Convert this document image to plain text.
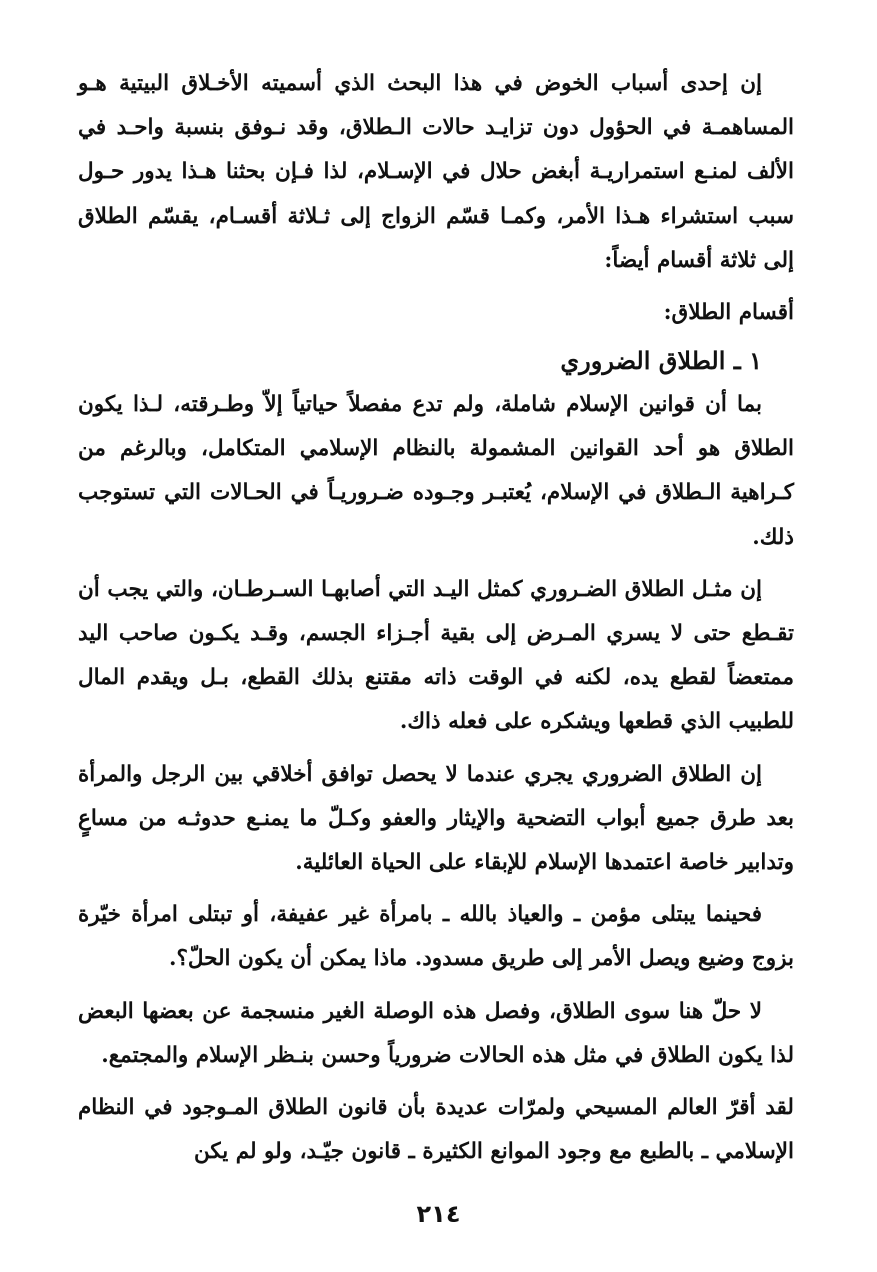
إن إحدى أسباب الخوض في هذا البحث الذي أسميته الأخـلاق البيتية هـو المساهمـة في الحؤول دون تزايـد حالات الـطلاق، وقد نـوفق بنسبة واحـد في الألف لمنـع استمراريـة أبغض حلال في الإسـلام، لذا فـإن بحثنا هـذا يدور حـول سبب استشراء هـذا الأمر، وكمـا قسّم الزواج إلى ثـلاثة أقسـام، يقسّم الطلاق إلى ثلاثة أقسام أيضاً:

أقسام الطلاق:
١ ـ الطلاق الضروري

بما أن قوانين الإسلام شاملة، ولم تدع مفصلاً حياتياً إلاّ وطـرقته، لـذا يكون الطلاق هو أحد القوانين المشمولة بالنظام الإسلامي المتكامل، وبالرغم من كـراهية الـطلاق في الإسلام، يُعتبـر وجـوده ضـروريـاً في الحـالات التي تستوجب ذلك.

إن مثـل الطلاق الضـروري كمثل اليـد التي أصابهـا السـرطـان، والتي يجب أن تقـطع حتى لا يسري المـرض إلى بقية أجـزاء الجسم، وقـد يكـون صاحب اليد ممتعضاً لقطع يده، لكنه في الوقت ذاته مقتنع بذلك القطع، بـل ويقدم المال للطبيب الذي قطعها ويشكره على فعله ذاك.

إن الطلاق الضروري يجري عندما لا يحصل توافق أخلاقي بين الرجل والمرأة بعد طرق جميع أبواب التضحية والإيثار والعفو وكـلّ ما يمنـع حدوثـه من مساعٍ وتدابير خاصة اعتمدها الإسلام للإبقاء على الحياة العائلية.

فحينما يبتلى مؤمن ـ والعياذ بالله ـ بامرأة غير عفيفة، أو تبتلى امرأة خيّرة بزوج وضيع ويصل الأمر إلى طريق مسدود. ماذا يمكن أن يكون الحلّ؟.

لا حلّ هنا سوى الطلاق، وفصل هذه الوصلة الغير منسجمة عن بعضها البعض لذا يكون الطلاق في مثل هذه الحالات ضرورياً وحسن بنـظر الإسلام والمجتمع.

لقد أقرّ العالم المسيحي ولمرّات عديدة بأن قانون الطلاق المـوجود في النظام الإسلامي ـ بالطبع مع وجود الموانع الكثيرة ـ قانون جيّـد، ولو لم يكن

٢١٤
